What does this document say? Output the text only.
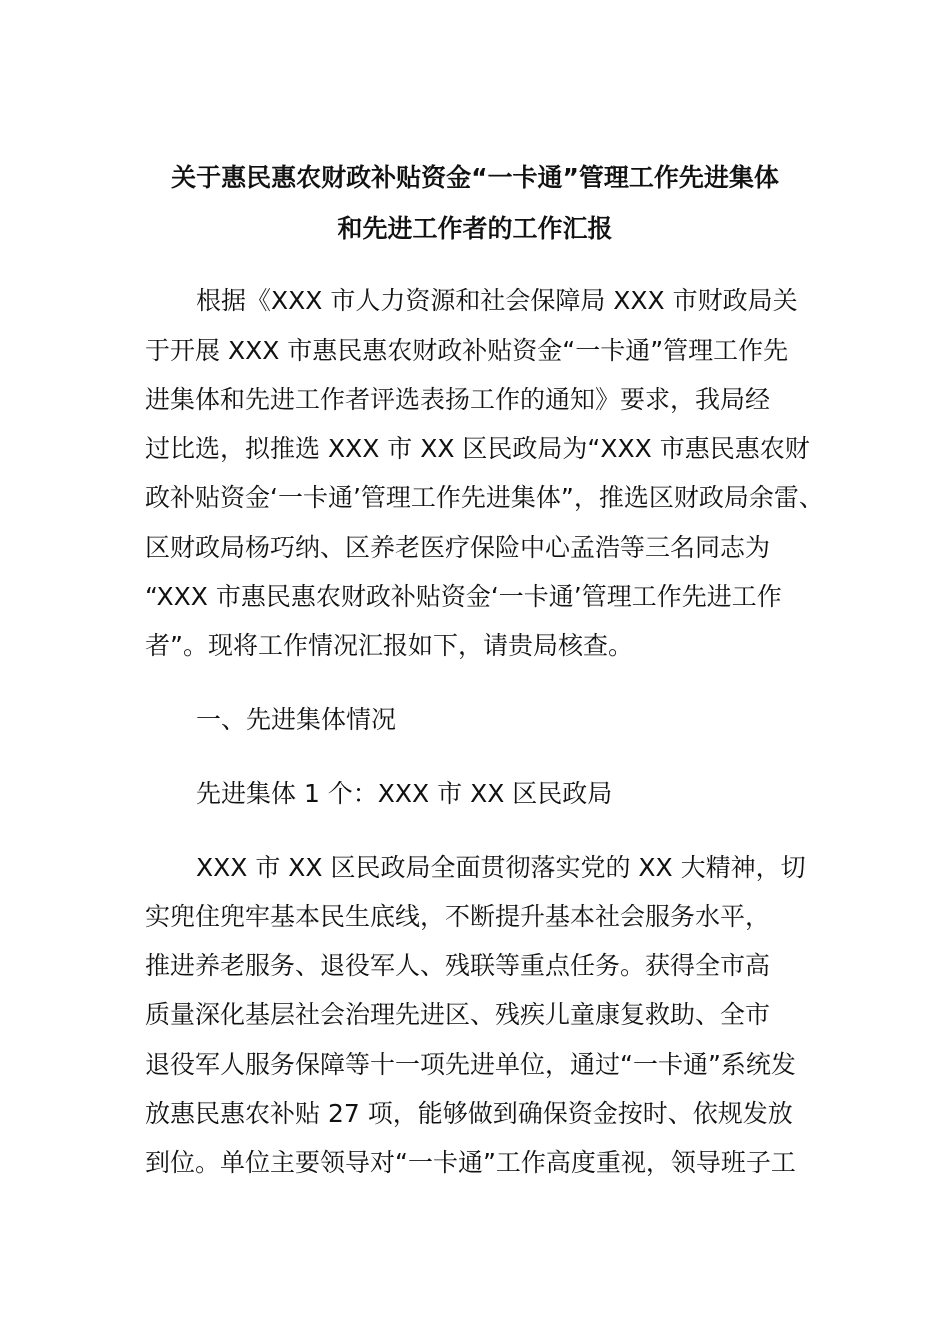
关于惠民惠农财政补贴资金“一卡通”管理工作先进集体
和先进工作者的工作汇报
根据《XXX 市人力资源和社会保障局 XXX 市财政局关
于开展 XXX 市惠民惠农财政补贴资金“一卡通”管理工作先
进集体和先进工作者评选表扬工作的通知》要求，我局经
过比选，拟推选 XXX 市 XX 区民政局为“XXX 市惠民惠农财
政补贴资金‘一卡通’管理工作先进集体”，推选区财政局余雷、
区财政局杨巧纳、区养老医疗保险中心孟浩等三名同志为
“XXX 市惠民惠农财政补贴资金‘一卡通’管理工作先进工作
者”。现将工作情况汇报如下，请贵局核查。
一、先进集体情况
先进集体 1 个：XXX 市 XX 区民政局
XXX 市 XX 区民政局全面贯彻落实党的 XX 大精神，切
实兜住兜牢基本民生底线，不断提升基本社会服务水平，
推进养老服务、退役军人、残联等重点任务。获得全市高
质量深化基层社会治理先进区、残疾儿童康复救助、全市
退役军人服务保障等十一项先进单位，通过“一卡通”系统发
放惠民惠农补贴 27 项，能够做到确保资金按时、依规发放
到位。单位主要领导对“一卡通”工作高度重视，领导班子工
